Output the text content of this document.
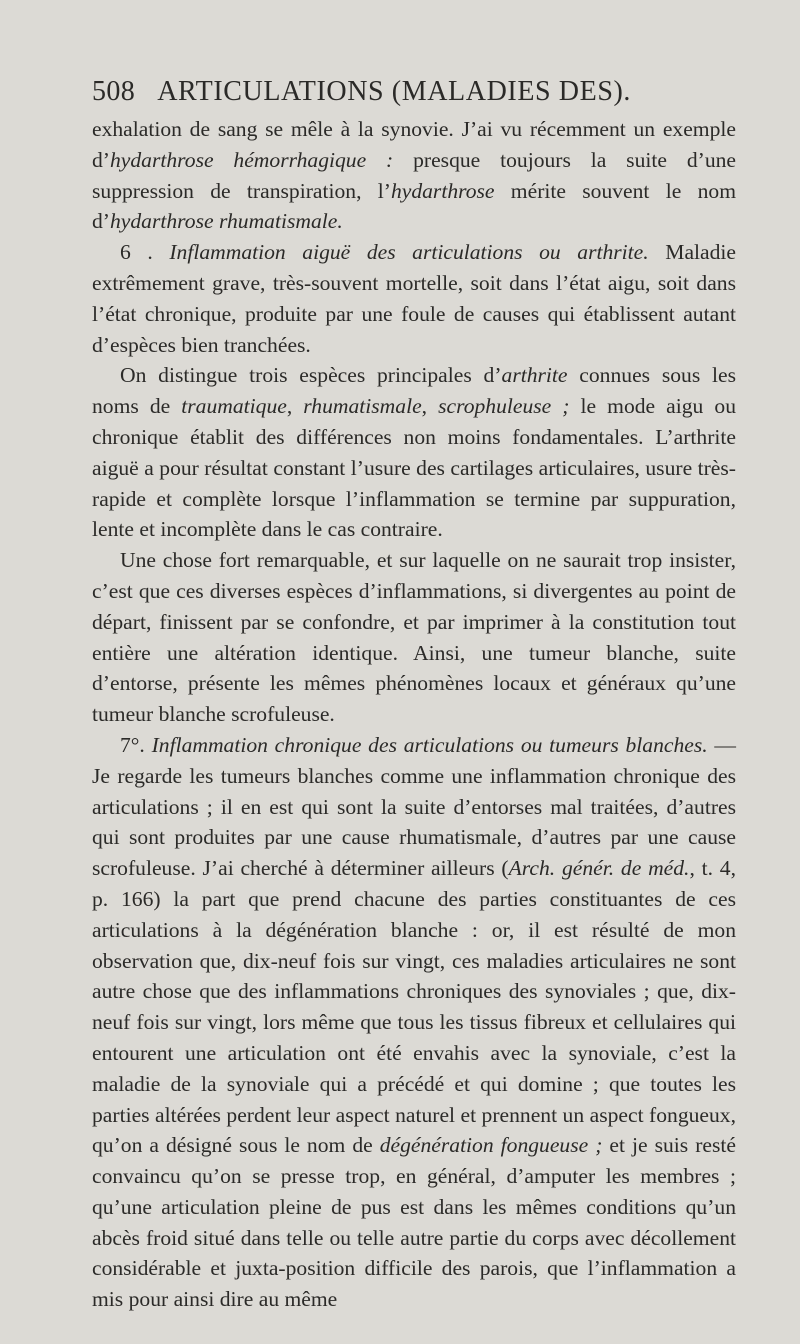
508 ARTICULATIONS (MALADIES DES).

exhalation de sang se mêle à la synovie. J’ai vu récemment un exemple d’hydarthrose hémorrhagique : presque toujours la suite d’une suppression de transpiration, l’hydarthrose mérite souvent le nom d’hydarthrose rhumatismale.

6 . Inflammation aiguë des articulations ou arthrite. Maladie extrêmement grave, très-souvent mortelle, soit dans l’état aigu, soit dans l’état chronique, produite par une foule de causes qui établissent autant d’espèces bien tranchées.

On distingue trois espèces principales d’arthrite connues sous les noms de traumatique, rhumatismale, scrophuleuse ; le mode aigu ou chronique établit des différences non moins fondamentales. L’arthrite aiguë a pour résultat constant l’usure des cartilages articulaires, usure très-rapide et complète lorsque l’inflammation se termine par suppuration, lente et incomplète dans le cas contraire.

Une chose fort remarquable, et sur laquelle on ne saurait trop insister, c’est que ces diverses espèces d’inflammations, si divergentes au point de départ, finissent par se confondre, et par imprimer à la constitution tout entière une altération identique. Ainsi, une tumeur blanche, suite d’entorse, présente les mêmes phénomènes locaux et généraux qu’une tumeur blanche scrofuleuse.

7°. Inflammation chronique des articulations ou tumeurs blanches. — Je regarde les tumeurs blanches comme une inflammation chronique des articulations ; il en est qui sont la suite d’entorses mal traitées, d’autres qui sont produites par une cause rhumatismale, d’autres par une cause scrofuleuse. J’ai cherché à déterminer ailleurs (Arch. génér. de méd., t. 4, p. 166) la part que prend chacune des parties constituantes de ces articulations à la dégénération blanche : or, il est résulté de mon observation que, dix-neuf fois sur vingt, ces maladies articulaires ne sont autre chose que des inflammations chroniques des synoviales ; que, dix-neuf fois sur vingt, lors même que tous les tissus fibreux et cellulaires qui entourent une articulation ont été envahis avec la synoviale, c’est la maladie de la synoviale qui a précédé et qui domine ; que toutes les parties altérées perdent leur aspect naturel et prennent un aspect fongueux, qu’on a désigné sous le nom de dégénération fongueuse ; et je suis resté convaincu qu’on se presse trop, en général, d’amputer les membres ; qu’une articulation pleine de pus est dans les mêmes conditions qu’un abcès froid situé dans telle ou telle autre partie du corps avec décollement considérable et juxta-position difficile des parois, que l’inflammation a mis pour ainsi dire au même
